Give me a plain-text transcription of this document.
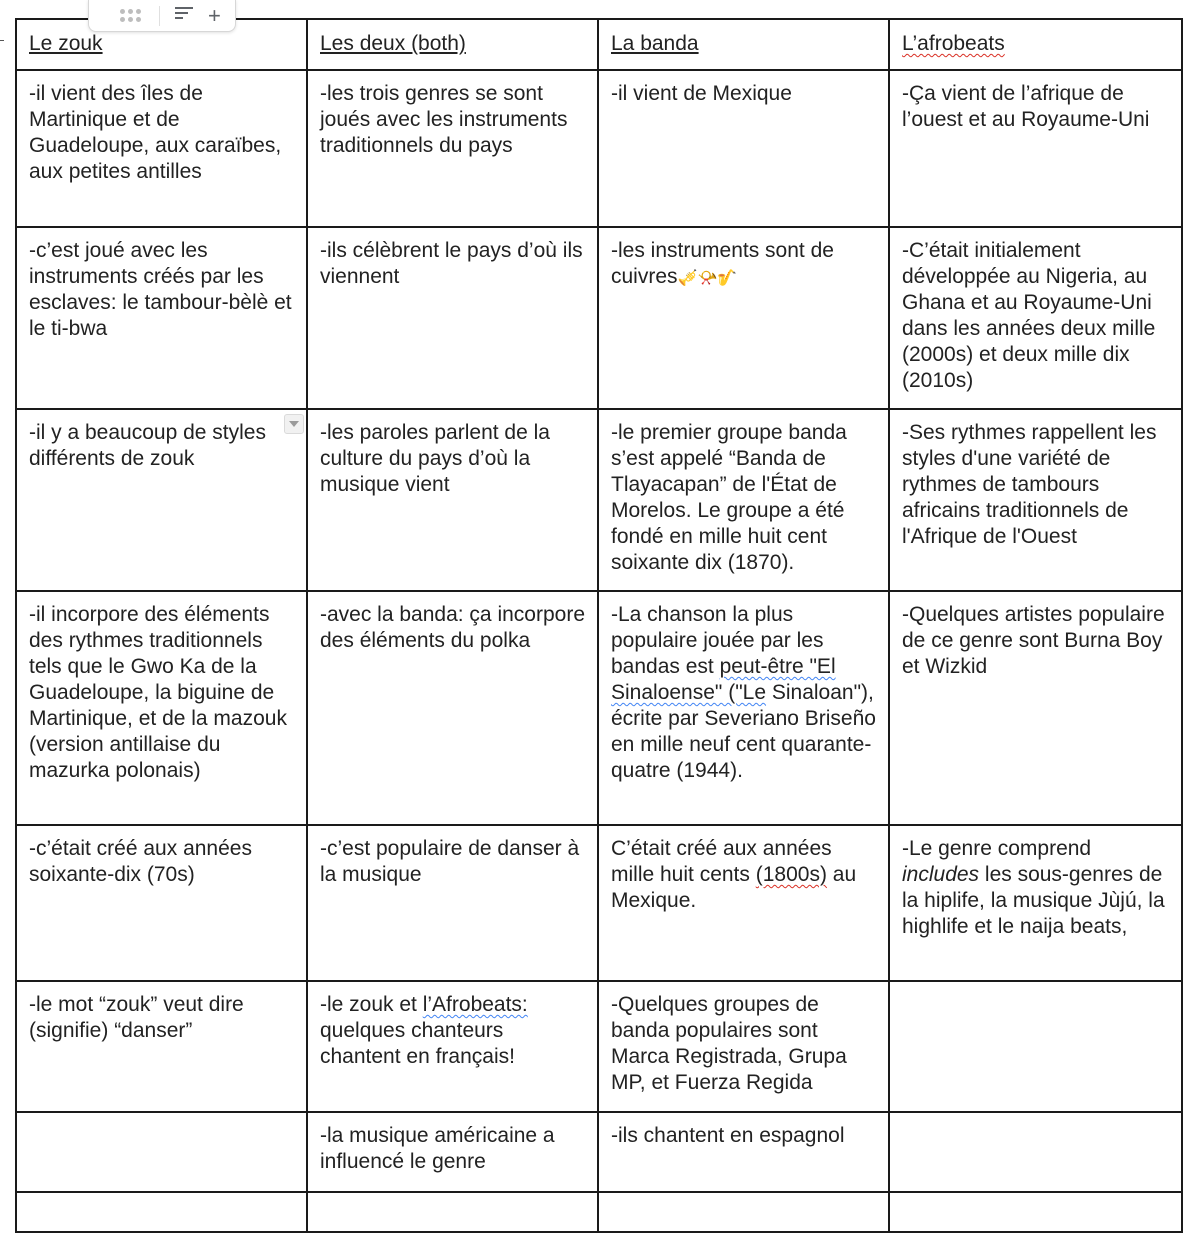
+
Le zouk	Les deux (both)	La banda	L’afrobeats
-il vient des îles de Martinique et de Guadeloupe, aux caraïbes, aux petites antilles	-les trois genres se sont joués avec les instruments traditionnels du pays	-il vient de Mexique	-Ça vient de l’afrique de l’ouest et au Royaume-Uni
-c’est joué avec les instruments créés par les esclaves: le tambour-bèlè et le ti-bwa	-ils célèbrent le pays d’où ils viennent	-les instruments sont de cuivres🎺📯🎷	-C’était initialement développée au Nigeria, au Ghana et au Royaume-Uni dans les années deux mille (2000s) et deux mille dix (2010s)
-il y a beaucoup de styles différents de zouk	-les paroles parlent de la culture du pays d’où la musique vient	-le premier groupe banda s’est appelé “Banda de Tlayacapan” de l'État de Morelos. Le groupe a été fondé en mille huit cent soixante dix (1870).	-Ses rythmes rappellent les styles d'une variété de rythmes de tambours africains traditionnels de l'Afrique de l'Ouest
-il incorpore des éléments des rythmes traditionnels tels que le Gwo Ka de la Guadeloupe, la biguine de Martinique, et de la mazouk (version antillaise du mazurka polonais)	-avec la banda: ça incorpore des éléments du polka	-La chanson la plus populaire jouée par les bandas est peut-être "El Sinaloense" ("Le Sinaloan"), écrite par Severiano Briseño en mille neuf cent quarante-quatre (1944).	-Quelques artistes populaire de ce genre sont Burna Boy et Wizkid
-c’était créé aux années soixante-dix (70s)	-c’est populaire de danser à la musique	C’était créé aux années mille huit cents (1800s) au Mexique.	-Le genre comprend includes les sous-genres de la hiplife, la musique Jùjú, la highlife et le naija beats,
-le mot “zouk” veut dire (signifie) “danser”	-le zouk et l’Afrobeats: quelques chanteurs chantent en français!	-Quelques groupes de banda populaires sont Marca Registrada, Grupa MP, et Fuerza Regida	
	-la musique américaine a influencé le genre	-ils chantent en espagnol	
